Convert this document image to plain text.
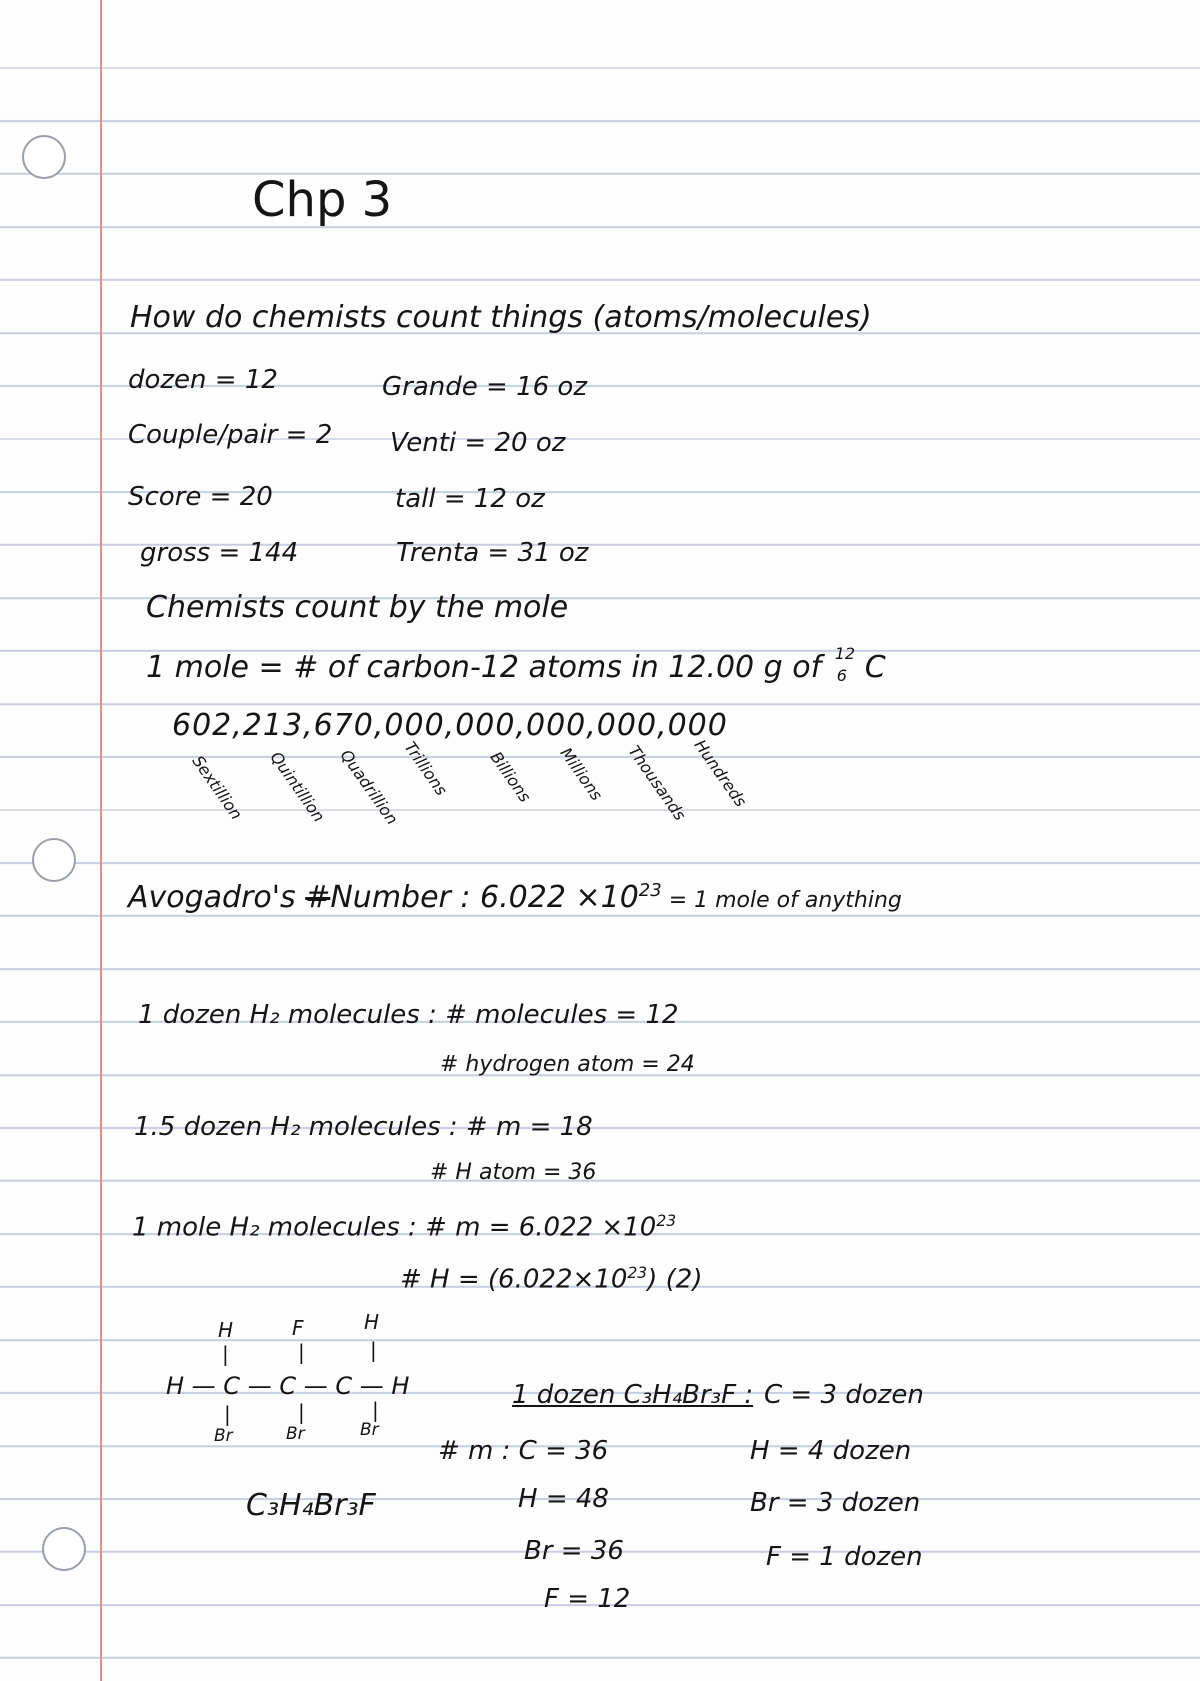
Chp 3
How do chemists count things (atoms/molecules)
dozen = 12
Couple/pair = 2
Score = 20
gross = 144
Grande = 16 oz
Venti = 20 oz
tall = 12 oz
Trenta = 31 oz
Chemists count by the mole
1 mole = # of carbon-12 atoms in 12.00 g of 12
6 C
602,213,670,000,000,000,000,000
Sextillion Quintillion Quadrillion
Trillions Billions Millions Thousands Hundreds
Avogadro's #Number : $6.022 \times 10^{23} = 1$ mole of anything
1 dozen H₂ molecules : # molecules = 12
# hydrogen atom = 24
1.5 dozen H₂ molecules : # m = 18
# H atom = 36
1 mole H₂ molecules : # $m = 6.022 \times 10^{23}$
# $H = (6.022\times 10^{23})$ (2)
H	F	H
|	|	|
H — C — C — C — H
|	|	|
Br	Br	Br
C₃H₄Br₃F
1 dozen C₃H₄Br₃F : C = 3 dozen
H = 4 dozen
Br = 3 dozen
F = 1 dozen
# m : C = 36
H = 48
Br = 36
F = 12
